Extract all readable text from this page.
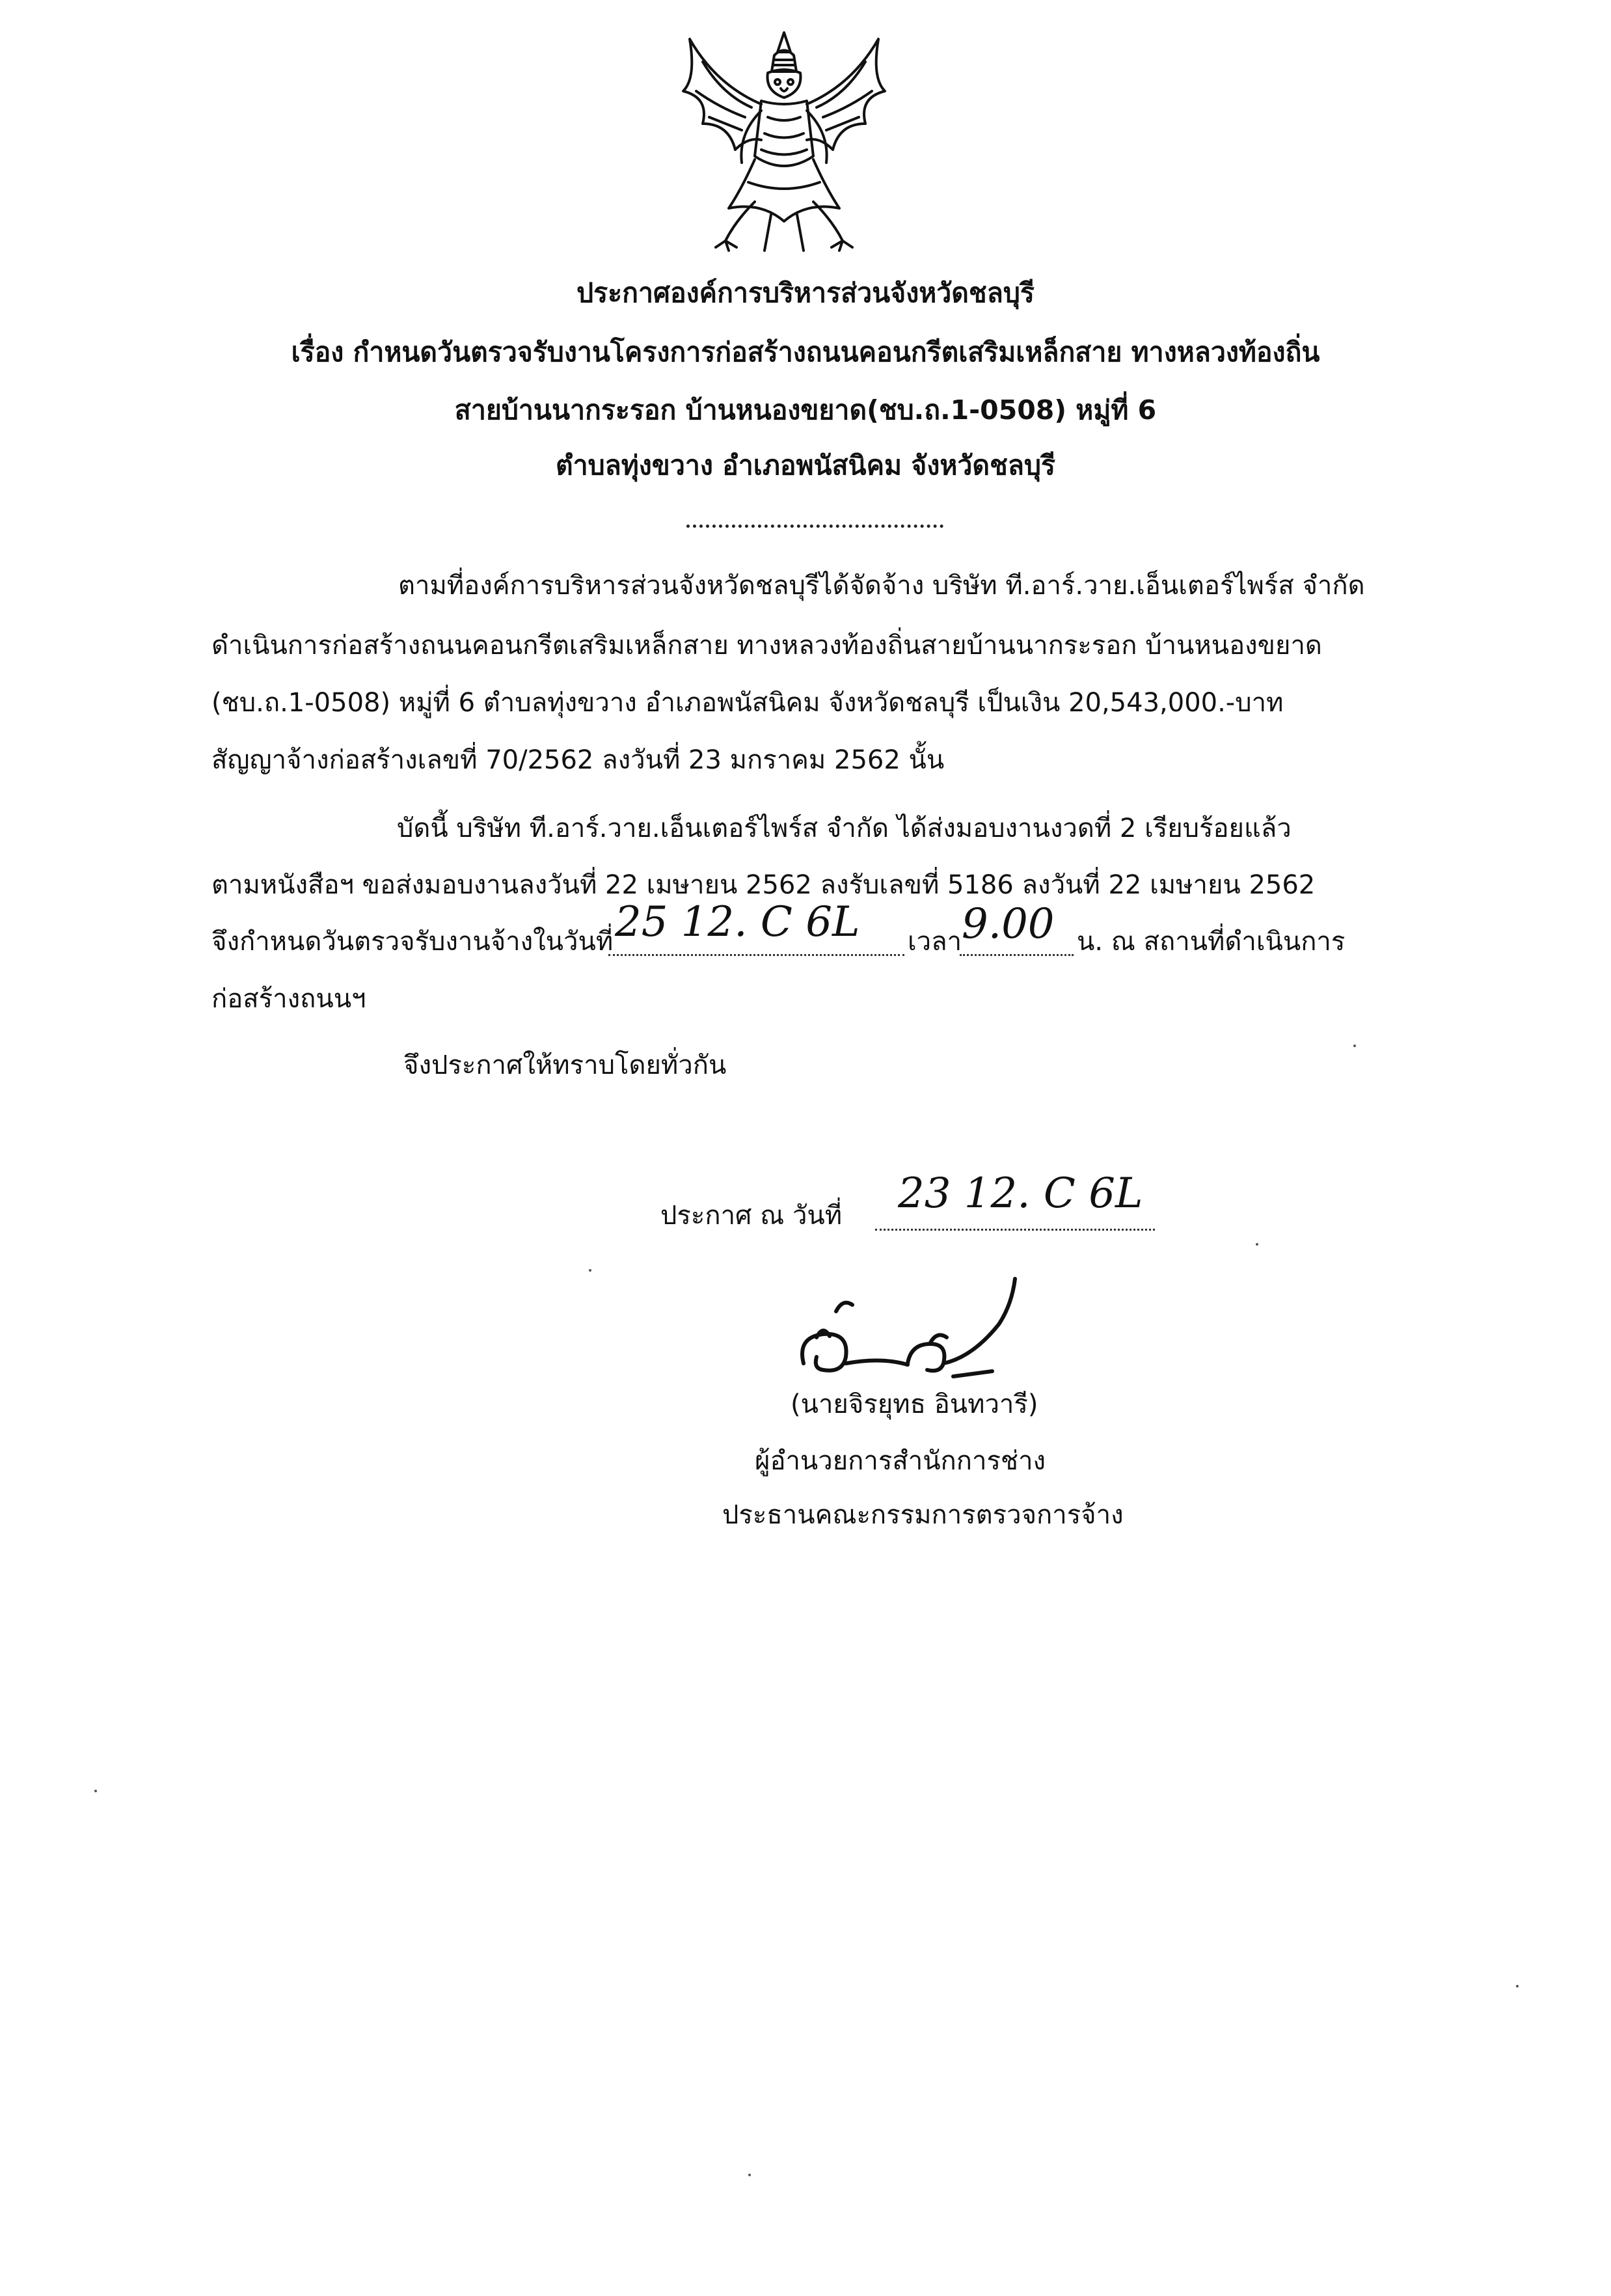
ประกาศองค์การบริหารส่วนจังหวัดชลบุรี
เรื่อง กำหนดวันตรวจรับงานโครงการก่อสร้างถนนคอนกรีตเสริมเหล็กสาย ทางหลวงท้องถิ่น
สายบ้านนากระรอก บ้านหนองขยาด(ชบ.ถ.1-0508) หมู่ที่ 6
ตำบลทุ่งขวาง อำเภอพนัสนิคม จังหวัดชลบุรี
ตามที่องค์การบริหารส่วนจังหวัดชลบุรีได้จัดจ้าง บริษัท ที.อาร์.วาย.เอ็นเตอร์ไพร์ส จำกัด
ดำเนินการก่อสร้างถนนคอนกรีตเสริมเหล็กสาย ทางหลวงท้องถิ่นสายบ้านนากระรอก บ้านหนองขยาด
(ชบ.ถ.1-0508) หมู่ที่ 6 ตำบลทุ่งขวาง อำเภอพนัสนิคม จังหวัดชลบุรี เป็นเงิน 20,543,000.-บาท
สัญญาจ้างก่อสร้างเลขที่ 70/2562 ลงวันที่ 23 มกราคม 2562 นั้น
บัดนี้ บริษัท ที.อาร์.วาย.เอ็นเตอร์ไพร์ส จำกัด ได้ส่งมอบงานงวดที่ 2 เรียบร้อยแล้ว
ตามหนังสือฯ ขอส่งมอบงานลงวันที่ 22 เมษายน 2562 ลงรับเลขที่ 5186 ลงวันที่ 22 เมษายน 2562
จึงกำหนดวันตรวจรับงานจ้างในวันที่ 25 12. C 6L เวลา 9.00 น. ณ สถานที่ดำเนินการ
ก่อสร้างถนนฯ
จึงประกาศให้ทราบโดยทั่วกัน
ประกาศ ณ วันที่ 23 12. C 6L
(นายจิรยุทธ อินทวารี)
ผู้อำนวยการสำนักการช่าง
ประธานคณะกรรมการตรวจการจ้าง
